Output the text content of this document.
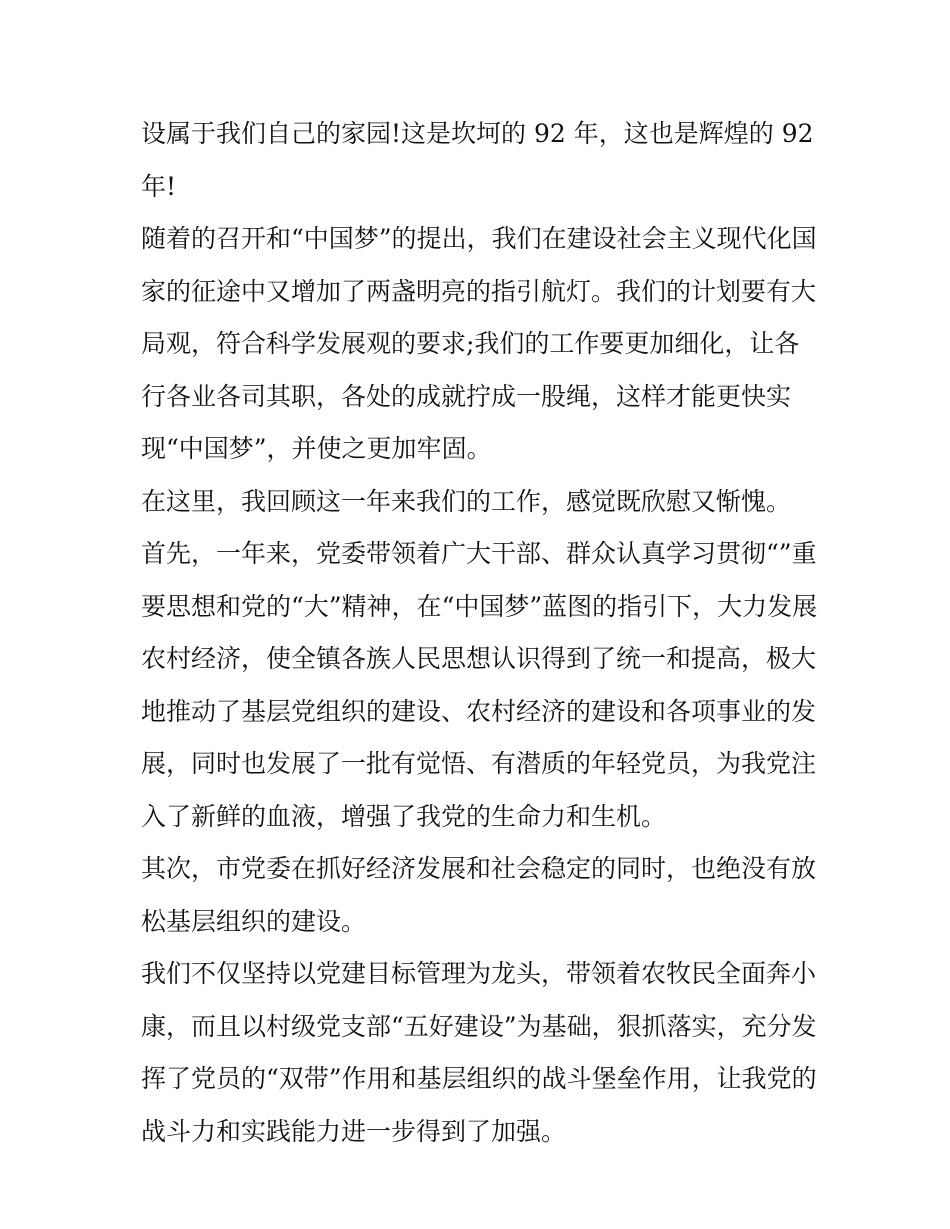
设属于我们自己的家园!这是坎坷的 92 年，这也是辉煌的 92
年!
随着的召开和“中国梦”的提出，我们在建设社会主义现代化国
家的征途中又增加了两盏明亮的指引航灯。我们的计划要有大
局观，符合科学发展观的要求;我们的工作要更加细化，让各
行各业各司其职，各处的成就拧成一股绳，这样才能更快实
现“中国梦”，并使之更加牢固。
在这里，我回顾这一年来我们的工作，感觉既欣慰又惭愧。
首先，一年来，党委带领着广大干部、群众认真学习贯彻“”重
要思想和党的“大”精神，在“中国梦”蓝图的指引下，大力发展
农村经济，使全镇各族人民思想认识得到了统一和提高，极大
地推动了基层党组织的建设、农村经济的建设和各项事业的发
展，同时也发展了一批有觉悟、有潜质的年轻党员，为我党注
入了新鲜的血液，增强了我党的生命力和生机。
其次，市党委在抓好经济发展和社会稳定的同时，也绝没有放
松基层组织的建设。
我们不仅坚持以党建目标管理为龙头，带领着农牧民全面奔小
康，而且以村级党支部“五好建设”为基础，狠抓落实，充分发
挥了党员的“双带”作用和基层组织的战斗堡垒作用，让我党的
战斗力和实践能力进一步得到了加强。
